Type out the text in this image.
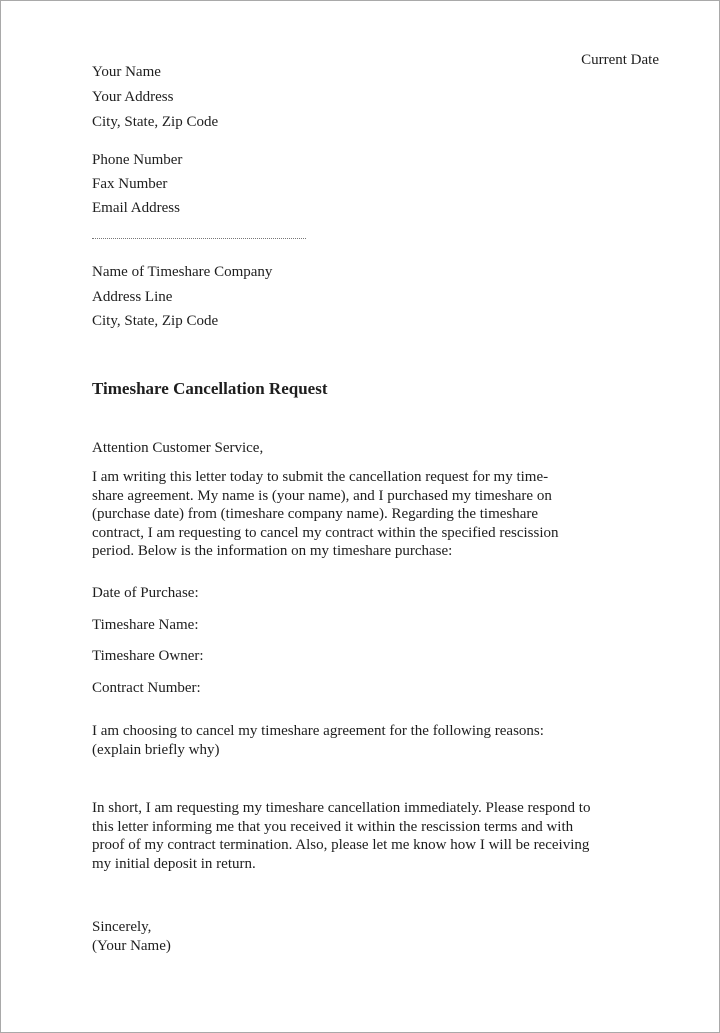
Current Date
Your Name
Your Address
City, State, Zip Code
Phone Number
Fax Number
Email Address
Name of Timeshare Company
Address Line
City, State, Zip Code
Timeshare Cancellation Request
Attention Customer Service,
I am writing this letter today to submit the cancellation request for my time-
share agreement. My name is (your name), and I purchased my timeshare on
(purchase date) from (timeshare company name). Regarding the timeshare
contract, I am requesting to cancel my contract within the specified rescission
period. Below is the information on my timeshare purchase:
Date of Purchase:
Timeshare Name:
Timeshare Owner:
Contract Number:
I am choosing to cancel my timeshare agreement for the following reasons:
(explain briefly why)
In short, I am requesting my timeshare cancellation immediately. Please respond to
this letter informing me that you received it within the rescission terms and with
proof of my contract termination. Also, please let me know how I will be receiving
my initial deposit in return.
Sincerely,
(Your Name)
